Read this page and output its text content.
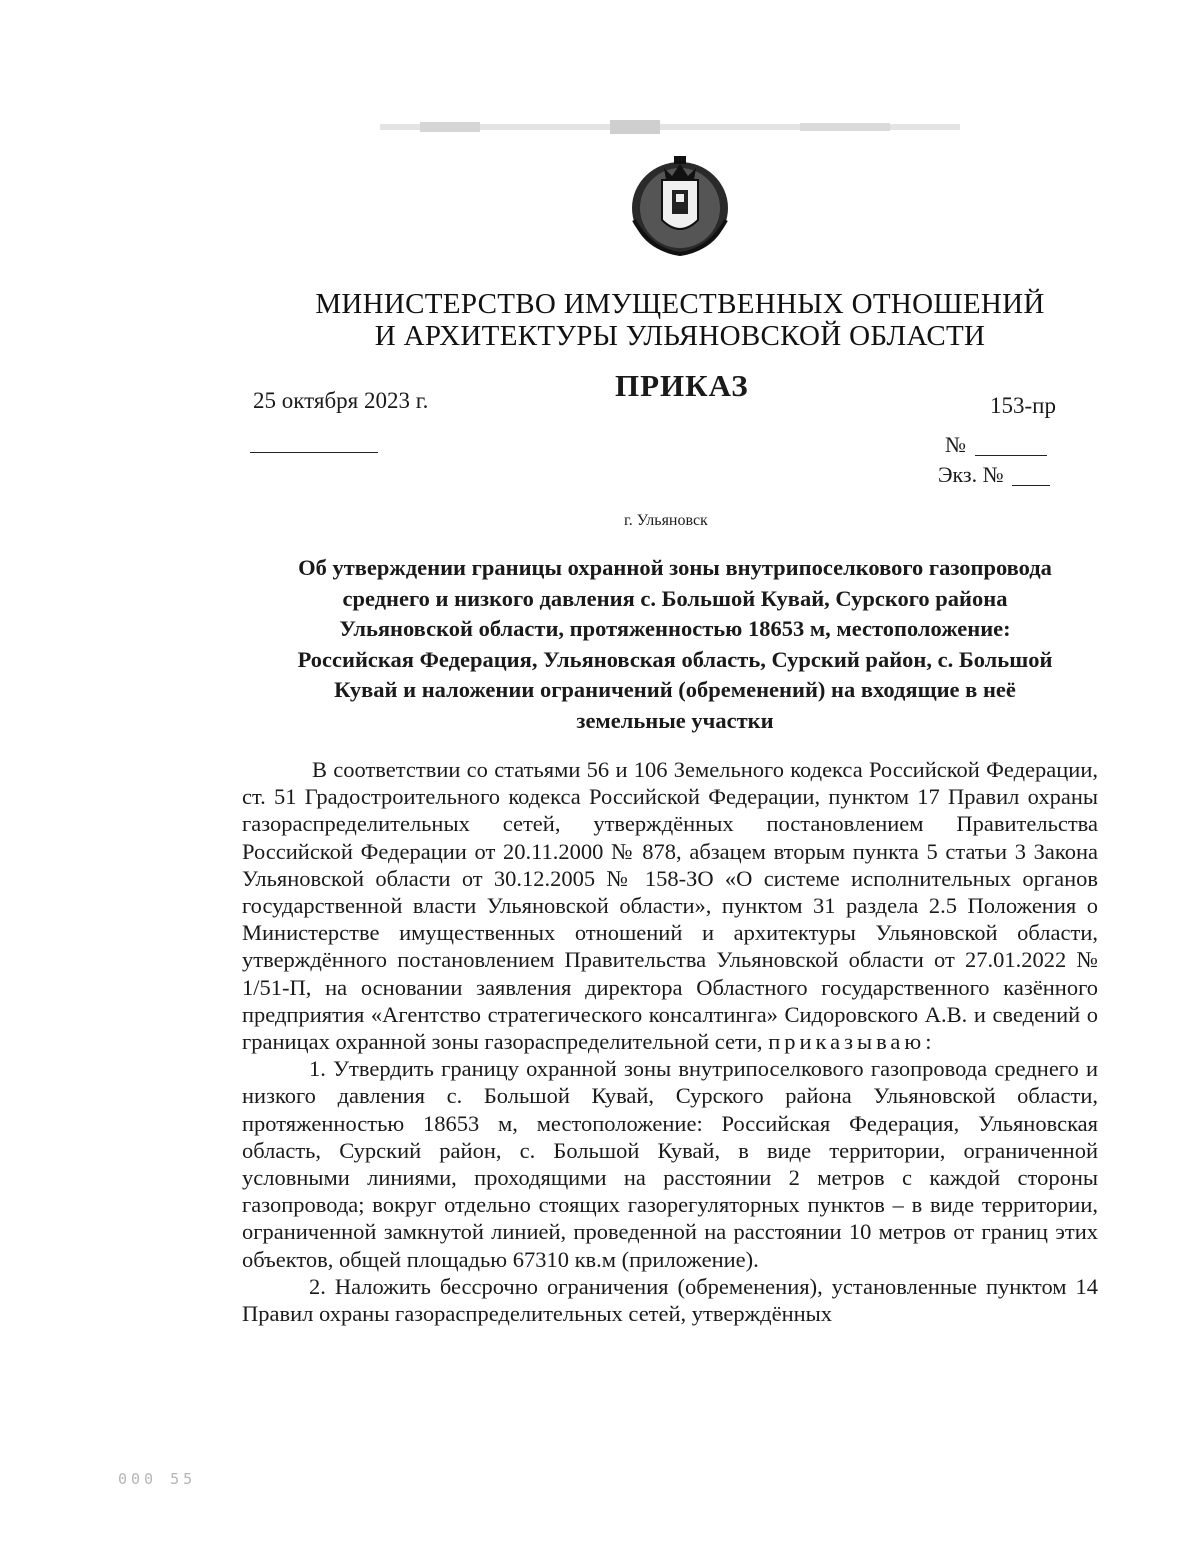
МИНИСТЕРСТВО ИМУЩЕСТВЕННЫХ ОТНОШЕНИЙ
И АРХИТЕКТУРЫ УЛЬЯНОВСКОЙ ОБЛАСТИ
ПРИКАЗ
25 октября 2023 г.	153-пр
№
Экз. №
г. Ульяновск
Об утверждении границы охранной зоны внутрипоселкового газопровода
среднего и низкого давления с. Большой Кувай, Сурского района
Ульяновской области, протяженностью 18653 м, местоположение:
Российская Федерация, Ульяновская область, Сурский район, с. Большой
Кувай и наложении ограничений (обременений) на входящие в неё
земельные участки

В соответствии со статьями 56 и 106 Земельного кодекса Российской Федерации, ст. 51 Градостроительного кодекса Российской Федерации, пунктом 17 Правил охраны газораспределительных сетей, утверждённых постановлением Правительства Российской Федерации от 20.11.2000 № 878, абзацем вторым пункта 5 статьи 3 Закона Ульяновской области от 30.12.2005 № 158-ЗО «О системе исполнительных органов государственной власти Ульяновской области», пунктом 31 раздела 2.5 Положения о Министерстве имущественных отношений и архитектуры Ульяновской области, утверждённого постановлением Правительства Ульяновской области от 27.01.2022 № 1/51-П, на основании заявления директора Областного государственного казённого предприятия «Агентство стратегического консалтинга» Сидоровского А.В. и сведений о границах охранной зоны газораспределительной сети, приказываю:

1. Утвердить границу охранной зоны внутрипоселкового газопровода среднего и низкого давления с. Большой Кувай, Сурского района Ульяновской области, протяженностью 18653 м, местоположение: Российская Федерация, Ульяновская область, Сурский район, с. Большой Кувай, в виде территории, ограниченной условными линиями, проходящими на расстоянии 2 метров с каждой стороны газопровода; вокруг отдельно стоящих газорегуляторных пунктов – в виде территории, ограниченной замкнутой линией, проведенной на расстоянии 10 метров от границ этих объектов, общей площадью 67310 кв.м (приложение).

2. Наложить бессрочно ограничения (обременения), установленные пунктом 14 Правил охраны газораспределительных сетей, утверждённых

000 55
